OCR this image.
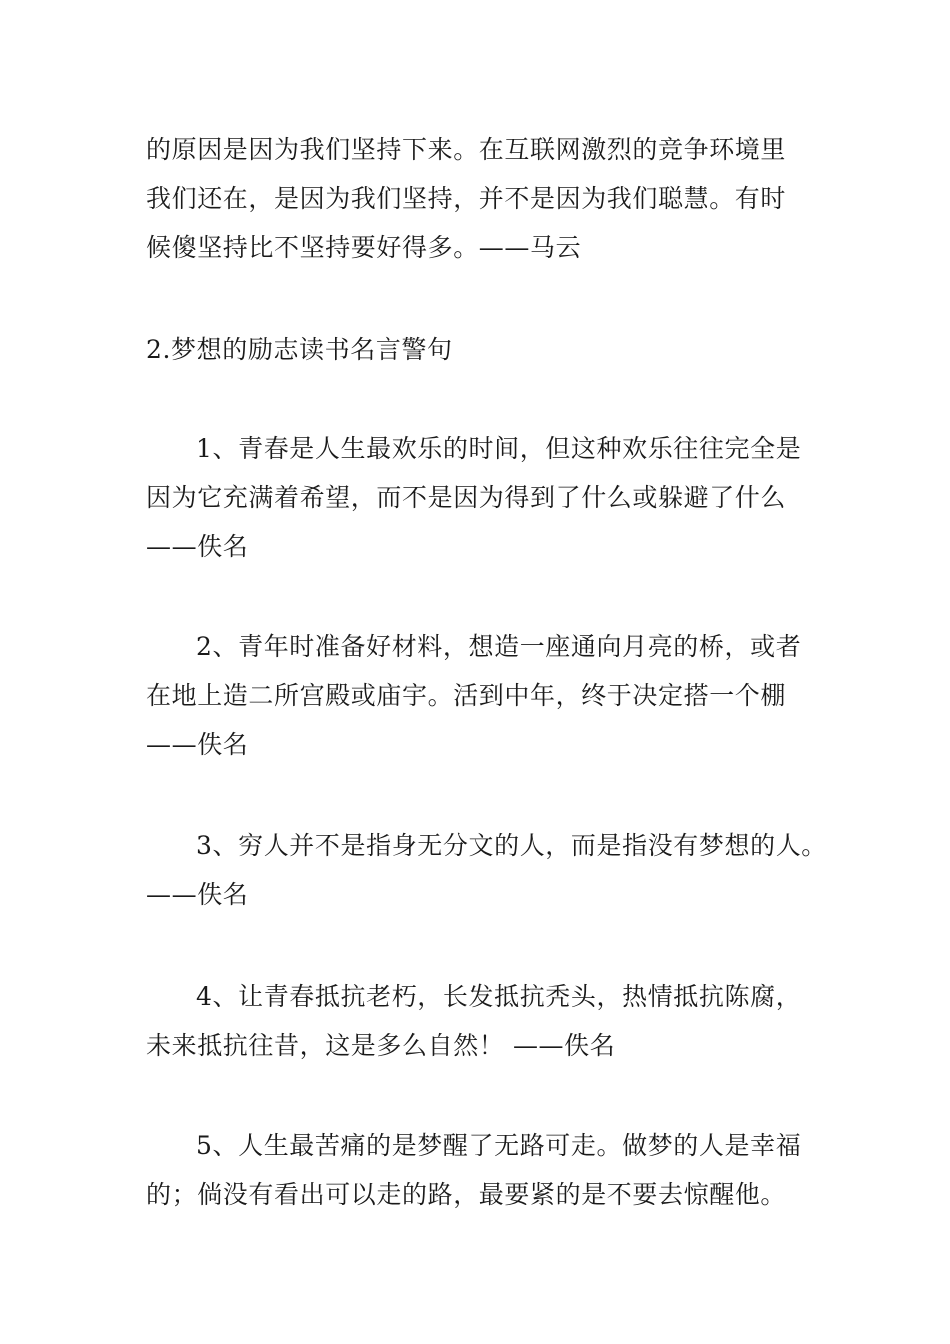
的原因是因为我们坚持下来。在互联网激烈的竞争环境里
我们还在，是因为我们坚持，并不是因为我们聪慧。有时
候傻坚持比不坚持要好得多。——马云
2.梦想的励志读书名言警句
1、青春是人生最欢乐的时间，但这种欢乐往往完全是
因为它充满着希望，而不是因为得到了什么或躲避了什么
——佚名
2、青年时准备好材料，想造一座通向月亮的桥，或者
在地上造二所宫殿或庙宇。活到中年，终于决定搭一个棚
——佚名
3、穷人并不是指身无分文的人，而是指没有梦想的人。
——佚名
4、让青春抵抗老朽，长发抵抗秃头，热情抵抗陈腐，
未来抵抗往昔，这是多么自然！ ——佚名
5、人生最苦痛的是梦醒了无路可走。做梦的人是幸福
的；倘没有看出可以走的路，最要紧的是不要去惊醒他。
